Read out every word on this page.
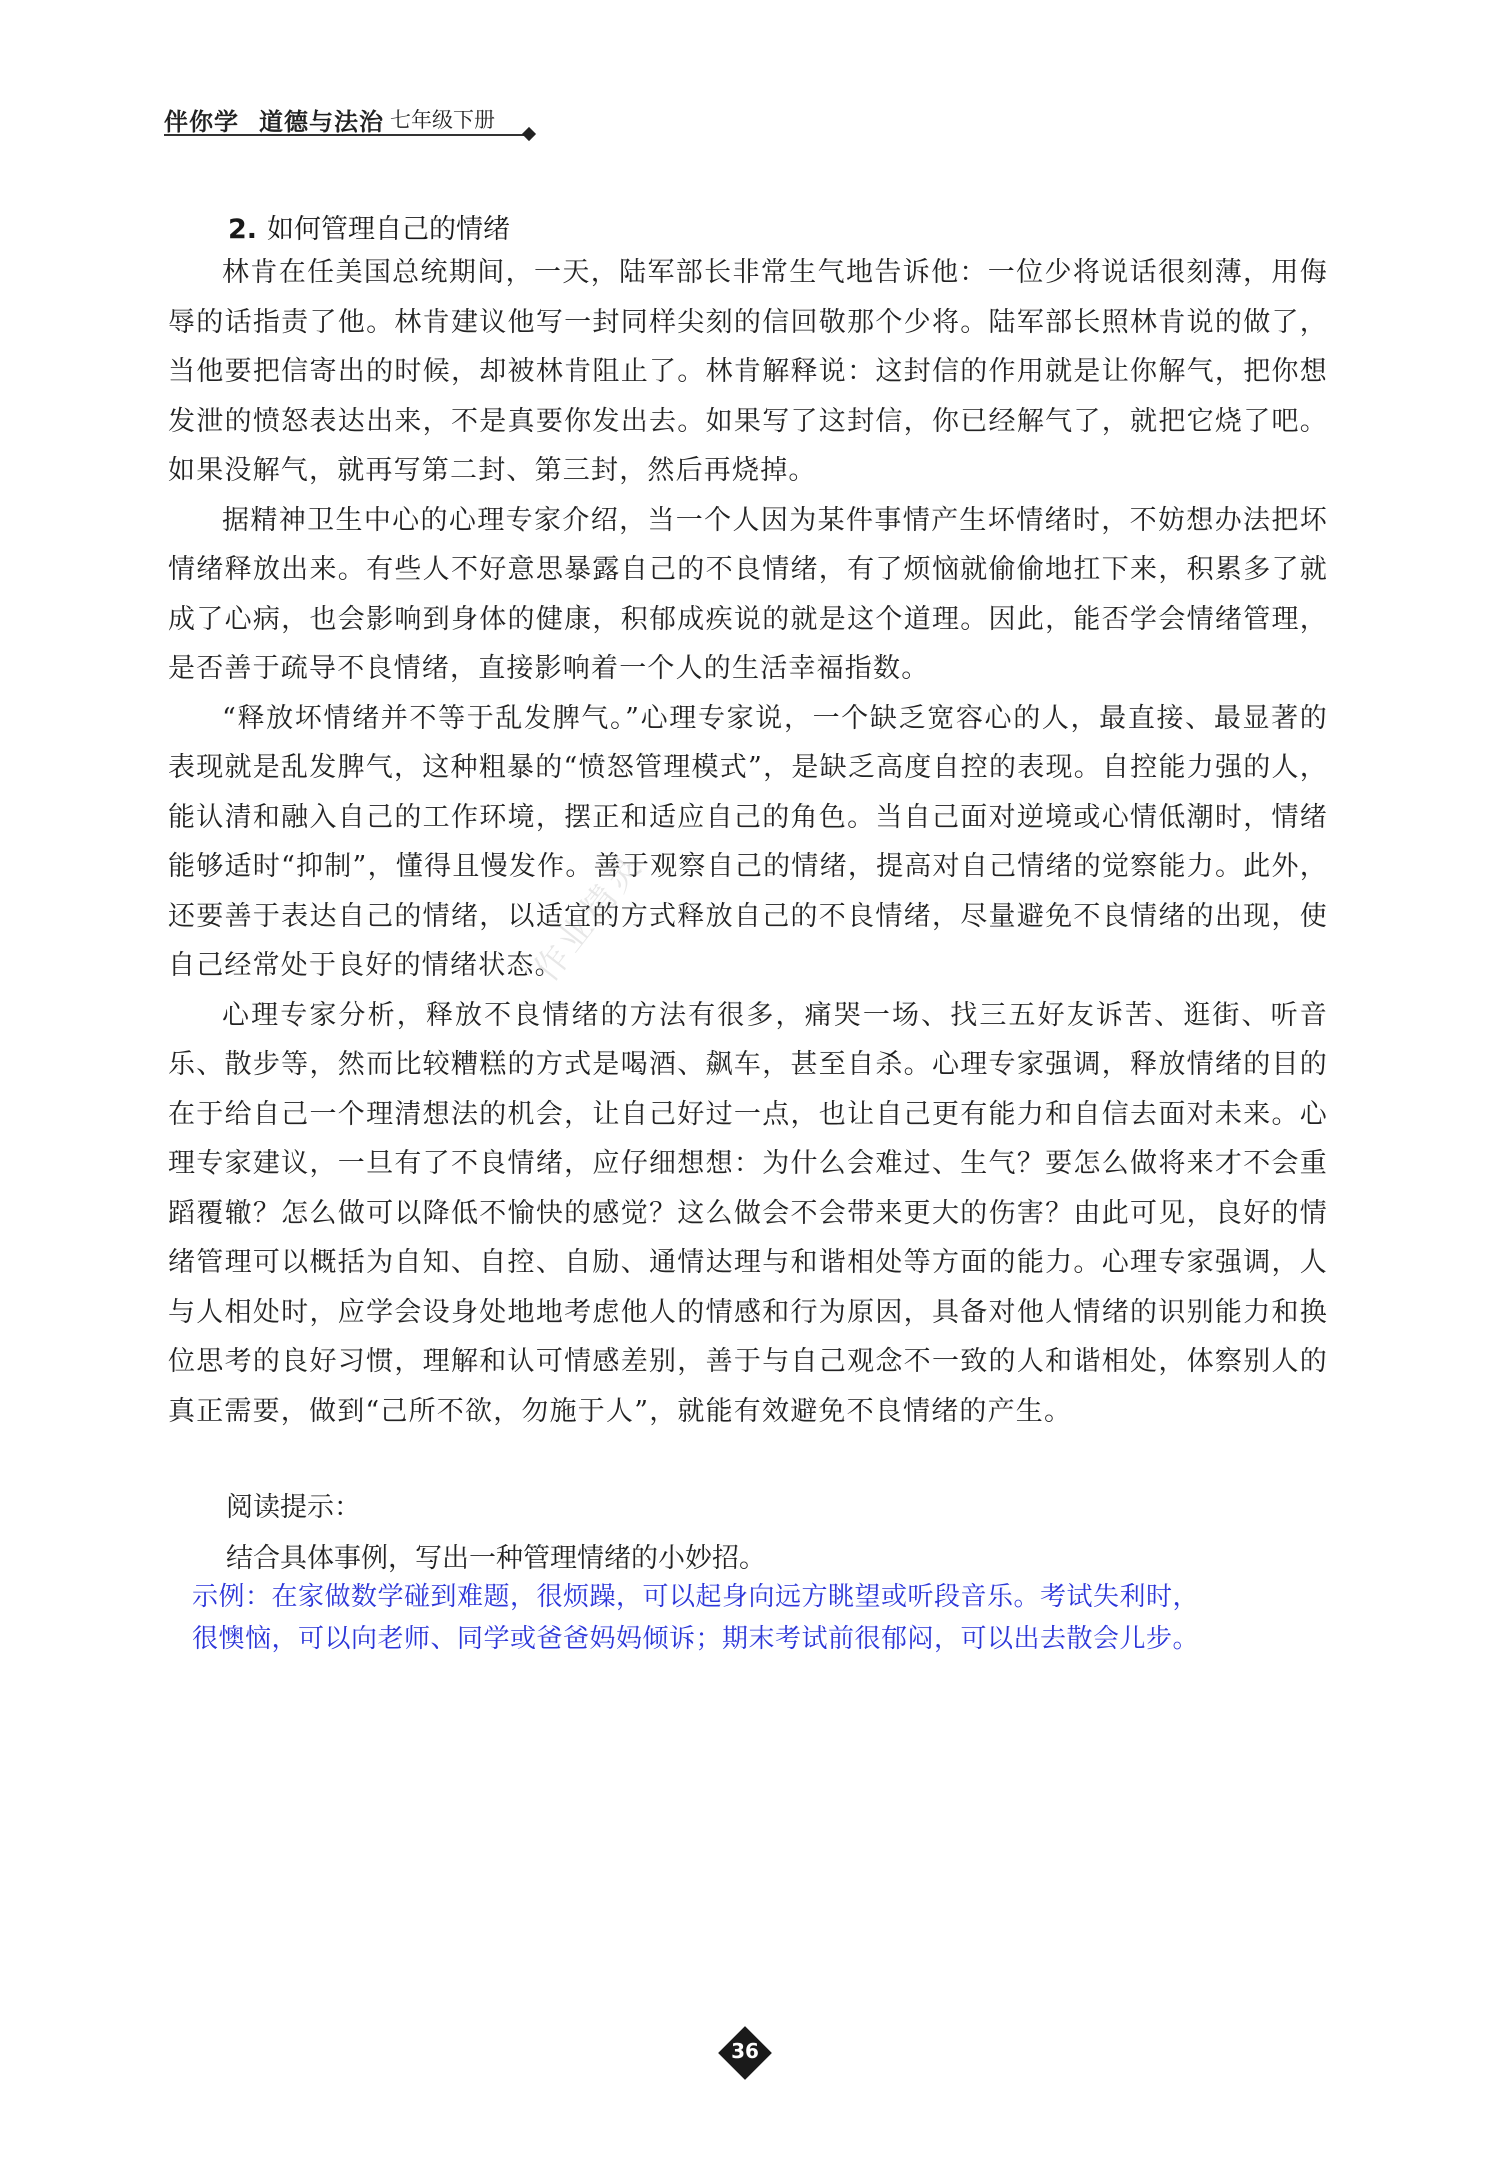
伴你学 道德与法治 七年级下册
2. 如何管理自己的情绪

林肯在任美国总统期间，一天，陆军部长非常生气地告诉他：一位少将说话很刻薄，用侮辱的话指责了他。林肯建议他写一封同样尖刻的信回敬那个少将。陆军部长照林肯说的做了，当他要把信寄出的时候，却被林肯阻止了。林肯解释说：这封信的作用就是让你解气，把你想发泄的愤怒表达出来，不是真要你发出去。如果写了这封信，你已经解气了，就把它烧了吧。如果没解气，就再写第二封、第三封，然后再烧掉。

据精神卫生中心的心理专家介绍，当一个人因为某件事情产生坏情绪时，不妨想办法把坏情绪释放出来。有些人不好意思暴露自己的不良情绪，有了烦恼就偷偷地扛下来，积累多了就成了心病，也会影响到身体的健康，积郁成疾说的就是这个道理。因此，能否学会情绪管理，是否善于疏导不良情绪，直接影响着一个人的生活幸福指数。

“释放坏情绪并不等于乱发脾气。”心理专家说，一个缺乏宽容心的人，最直接、最显著的表现就是乱发脾气，这种粗暴的“愤怒管理模式”，是缺乏高度自控的表现。自控能力强的人，能认清和融入自己的工作环境，摆正和适应自己的角色。当自己面对逆境或心情低潮时，情绪能够适时“抑制”，懂得且慢发作。善于观察自己的情绪，提高对自己情绪的觉察能力。此外，还要善于表达自己的情绪，以适宜的方式释放自己的不良情绪，尽量避免不良情绪的出现，使自己经常处于良好的情绪状态。

心理专家分析，释放不良情绪的方法有很多，痛哭一场、找三五好友诉苦、逛街、听音乐、散步等，然而比较糟糕的方式是喝酒、飙车，甚至自杀。心理专家强调，释放情绪的目的在于给自己一个理清想法的机会，让自己好过一点，也让自己更有能力和自信去面对未来。心理专家建议，一旦有了不良情绪，应仔细想想：为什么会难过、生气？要怎么做将来才不会重蹈覆辙？怎么做可以降低不愉快的感觉？这么做会不会带来更大的伤害？由此可见，良好的情绪管理可以概括为自知、自控、自励、通情达理与和谐相处等方面的能力。心理专家强调，人与人相处时，应学会设身处地地考虑他人的情感和行为原因，具备对他人情绪的识别能力和换位思考的良好习惯，理解和认可情感差别，善于与自己观念不一致的人和谐相处，体察别人的真正需要，做到“己所不欲，勿施于人”，就能有效避免不良情绪的产生。

作业精灵
阅读提示：
结合具体事例，写出一种管理情绪的小妙招。
示例：在家做数学碰到难题，很烦躁，可以起身向远方眺望或听段音乐。考试失利时，很懊恼，可以向老师、同学或爸爸妈妈倾诉；期末考试前很郁闷，可以出去散会儿步。
36
